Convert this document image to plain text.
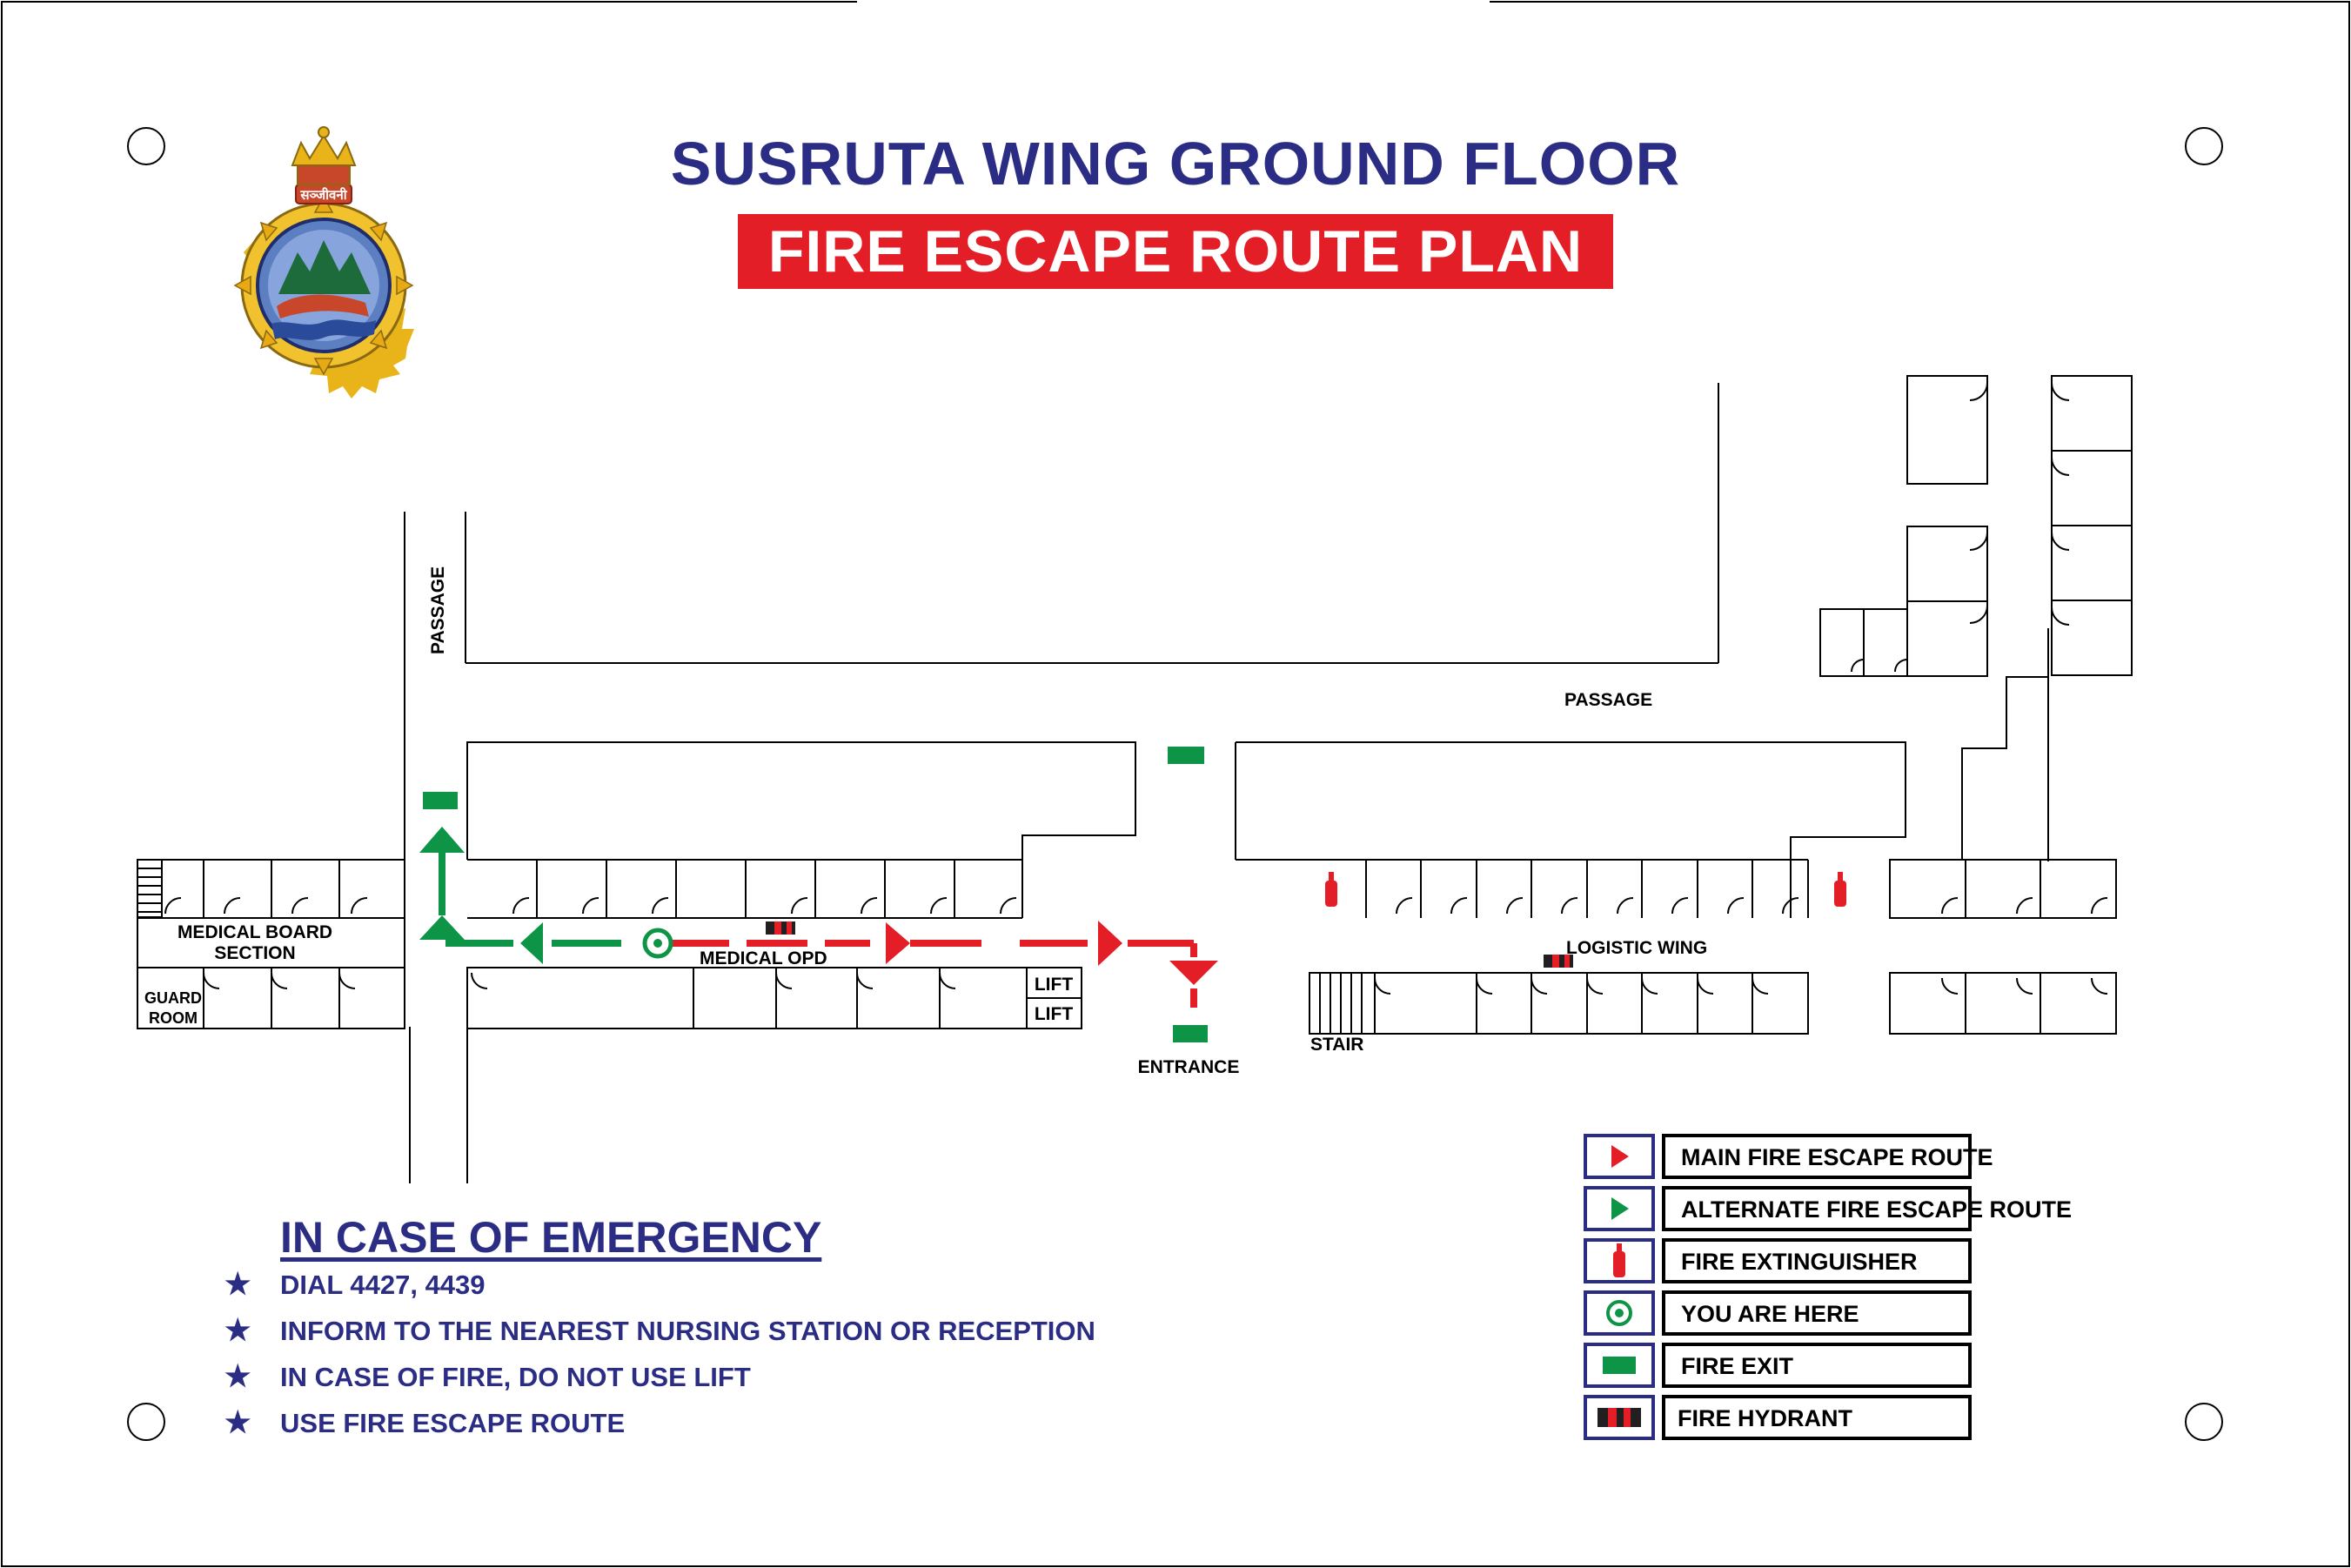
SUSRUTA WING GROUND FLOOR
FIRE ESCAPE ROUTE PLAN
सञ्जीवनी
PASSAGE
PASSAGE
MEDICAL BOARD
SECTION
GUARD
ROOM
MEDICAL OPD
LIFT
LIFT
ENTRANCE
LOGISTIC WING
STAIR
MAIN FIRE ESCAPE ROUTE
ALTERNATE FIRE ESCAPE ROUTE
FIRE EXTINGUISHER
YOU ARE HERE
FIRE EXIT
FIRE HYDRANT
IN CASE OF EMERGENCY
★ DIAL 4427, 4439
★ INFORM TO THE NEAREST NURSING STATION OR RECEPTION
★ IN CASE OF FIRE, DO NOT USE LIFT
★ USE FIRE ESCAPE ROUTE
